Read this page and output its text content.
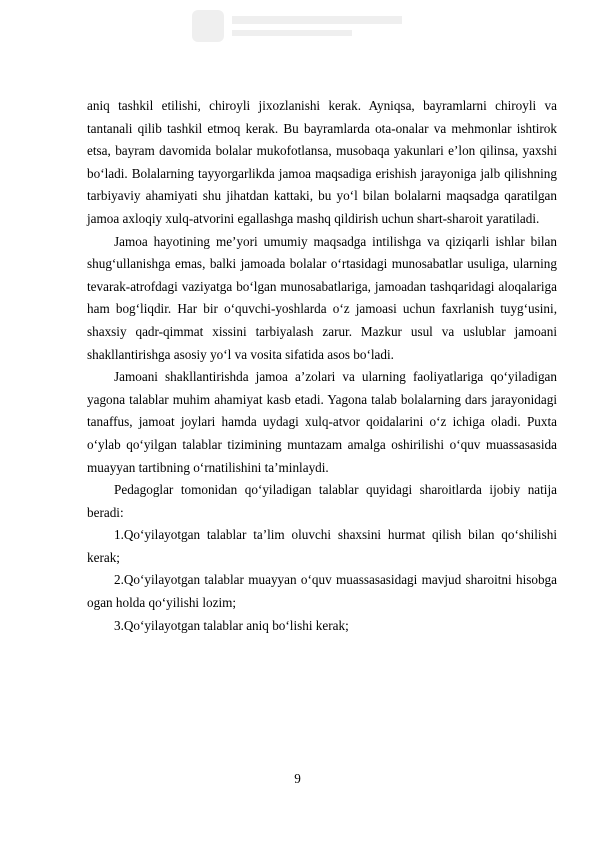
aniq tashkil etilishi, chiroyli jixozlanishi kerak. Ayniqsa, bayramlarni chiroyli va tantanali qilib tashkil etmoq kerak. Bu bayramlarda ota-onalar va mehmonlar ishtirok etsa, bayram davomida bolalar mukofotlansa, musobaqa yakunlari e’lon qilinsa, yaxshi bo‘ladi. Bolalarning tayyorgarlikda jamoa maqsadiga erishish jarayoniga jalb qilishning tarbiyaviy ahamiyati shu jihatdan kattaki, bu yo‘l bilan bolalarni maqsadga qaratilgan jamoa axloqiy xulq-atvorini egallashga mashq qildirish uchun shart-sharoit yaratiladi.

Jamoa hayotining me’yori umumiy maqsadga intilishga va qiziqarli ishlar bilan shug‘ullanishga emas, balki jamoada bolalar o‘rtasidagi munosabatlar usuliga, ularning tevarak-atrofdagi vaziyatga bo‘lgan munosabatlariga, jamoadan tashqaridagi aloqalariga ham bog‘liqdir. Har bir o‘quvchi-yoshlarda o‘z jamoasi uchun faxrlanish tuyg‘usini, shaxsiy qadr-qimmat xissini tarbiyalash zarur. Mazkur usul va uslublar jamoani shakllantirishga asosiy yo‘l va vosita sifatida asos bo‘ladi.

Jamoani shakllantirishda jamoa a’zolari va ularning faoliyatlariga qo‘yiladigan yagona talablar muhim ahamiyat kasb etadi. Yagona talab bolalarning dars jarayonidagi tanaffus, jamoat joylari hamda uydagi xulq-atvor qoidalarini o‘z ichiga oladi. Puxta o‘ylab qo‘yilgan talablar tizimining muntazam amalga oshirilishi o‘quv muassasasida muayyan tartibning o‘rnatilishini ta’minlaydi.

Pedagoglar tomonidan qo‘yiladigan talablar quyidagi sharoitlarda ijobiy natija beradi:

1.Qo‘yilayotgan talablar ta’lim oluvchi shaxsini hurmat qilish bilan qo‘shilishi kerak;

2.Qo‘yilayotgan talablar muayyan o‘quv muassasasidagi mavjud sharoitni hisobga ogan holda qo‘yilishi lozim;

3.Qo‘yilayotgan talablar aniq bo‘lishi kerak;

9
